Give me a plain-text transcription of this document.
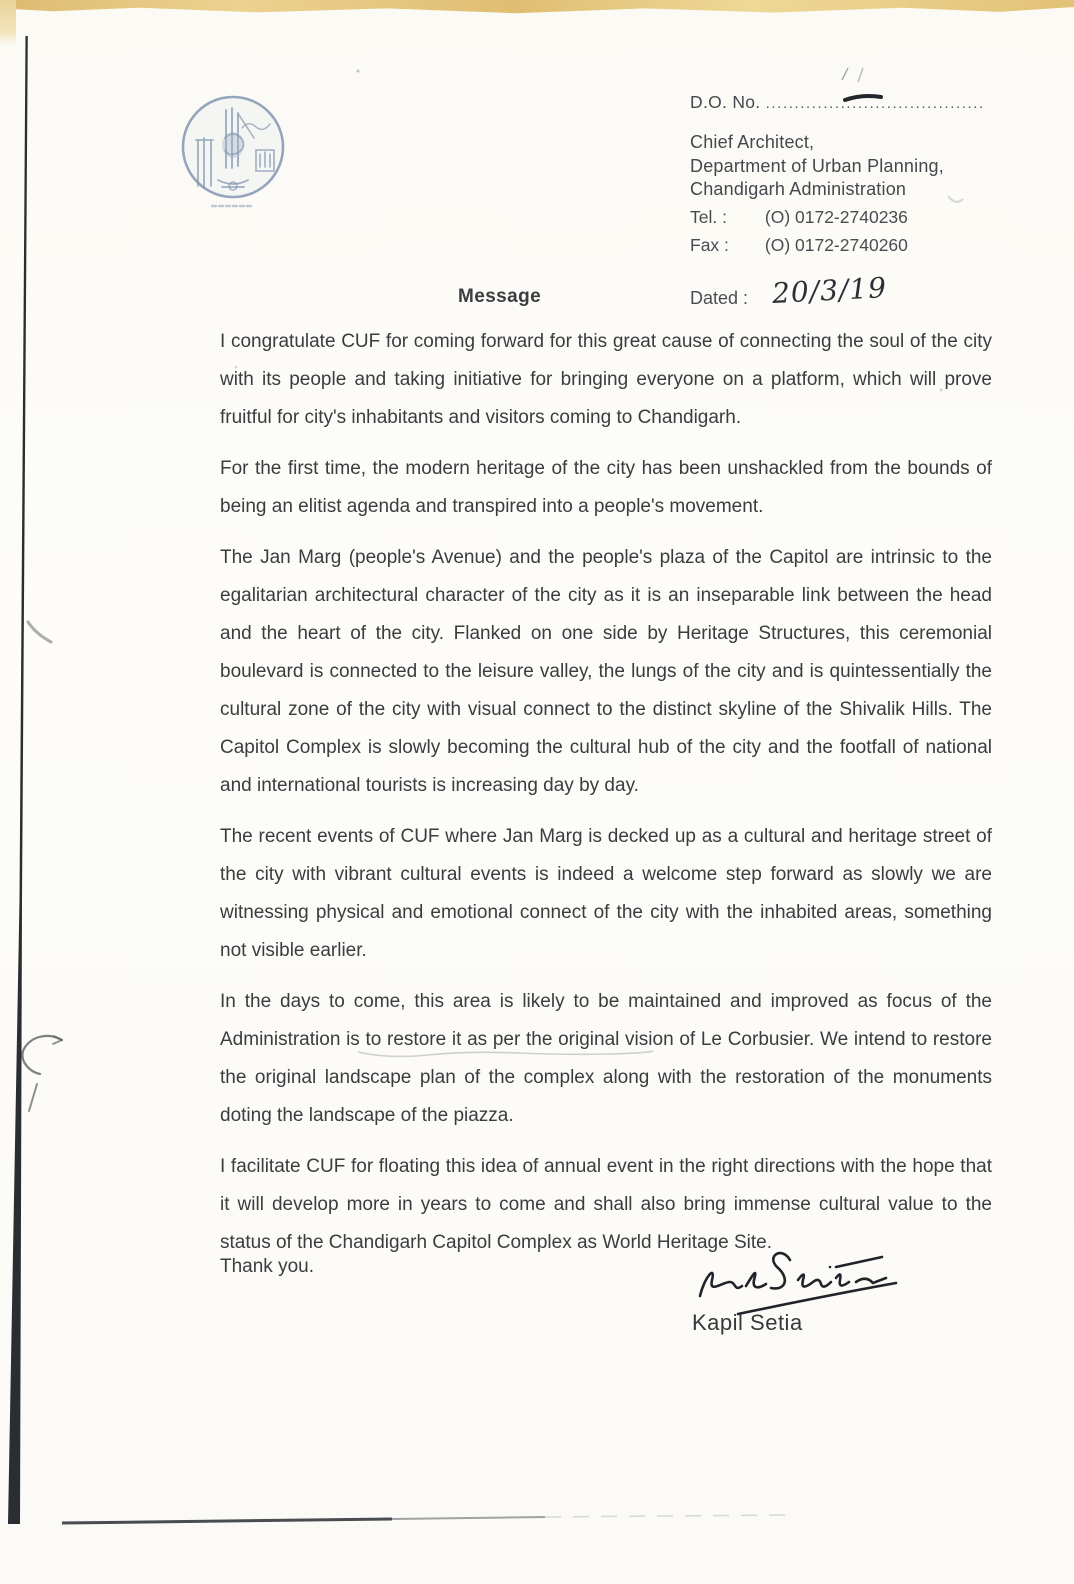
D.O. No. ......................................
Chief Architect,
Department of Urban Planning,
Chandigarh Administration
Tel. : (O) 0172-2740236
Fax : (O) 0172-2740260
Dated : 20/3/19
Message

I congratulate CUF for coming forward for this great cause of connecting the soul of the city with its people and taking initiative for bringing everyone on a platform, which will prove fruitful for city's inhabitants and visitors coming to Chandigarh.

For the first time, the modern heritage of the city has been unshackled from the bounds of being an elitist agenda and transpired into a people's movement.

The Jan Marg (people's Avenue) and the people's plaza of the Capitol are intrinsic to the egalitarian architectural character of the city as it is an inseparable link between the head and the heart of the city. Flanked on one side by Heritage Structures, this ceremonial boulevard is connected to the leisure valley, the lungs of the city and is quintessentially the cultural zone of the city with visual connect to the distinct skyline of the Shivalik Hills. The Capitol Complex is slowly becoming the cultural hub of the city and the footfall of national and international tourists is increasing day by day.

The recent events of CUF where Jan Marg is decked up as a cultural and heritage street of the city with vibrant cultural events is indeed a welcome step forward as slowly we are witnessing physical and emotional connect of the city with the inhabited areas, something not visible earlier.

In the days to come, this area is likely to be maintained and improved as focus of the Administration is to restore it as per the original vision of Le Corbusier. We intend to restore the original landscape plan of the complex along with the restoration of the monuments doting the landscape of the piazza.

I facilitate CUF for floating this idea of annual event in the right directions with the hope that it will develop more in years to come and shall also bring immense cultural value to the status of the Chandigarh Capitol Complex as World Heritage Site.

Thank you.
Kapil Setia
